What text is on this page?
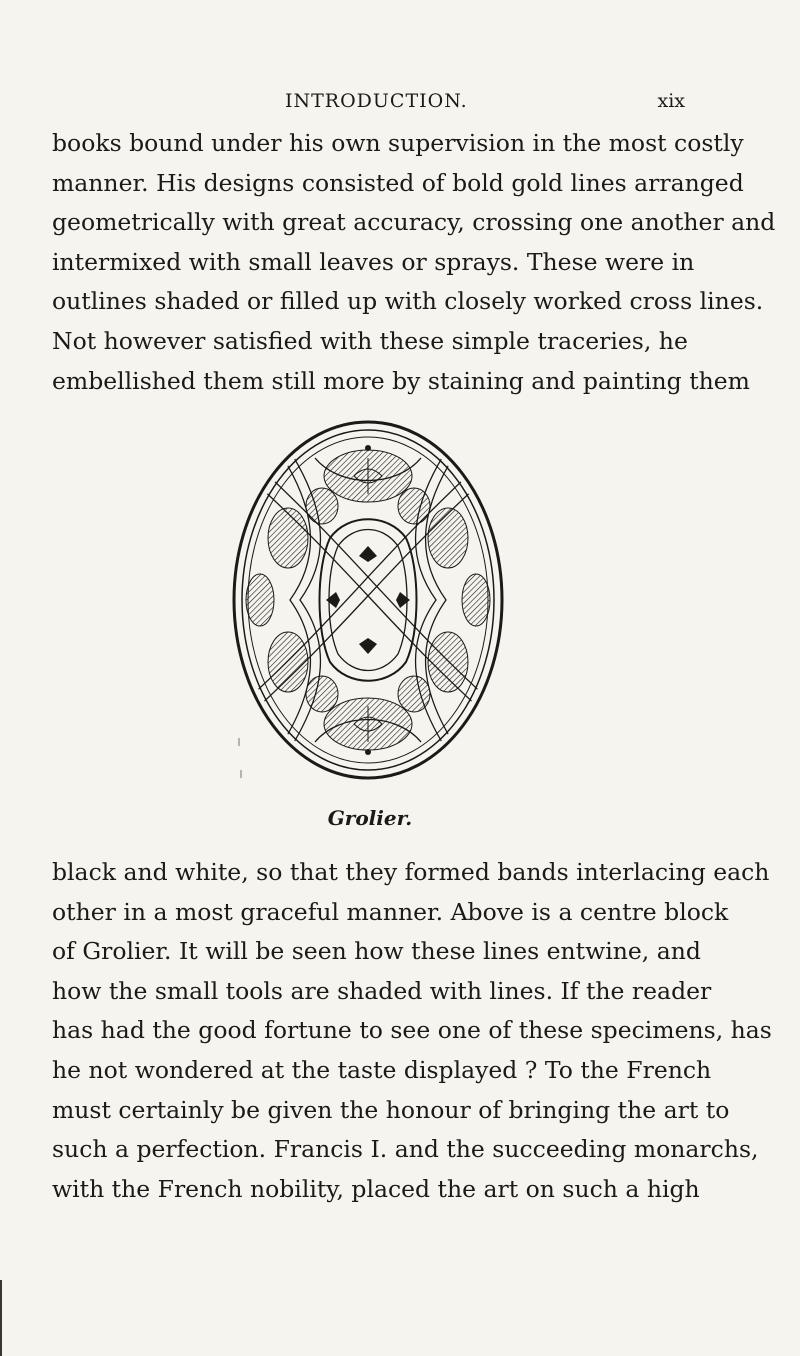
INTRODUCTION.	xix
books bound under his own supervision in the most costly
manner. His designs consisted of bold gold lines arranged
geometrically with great accuracy, crossing one another and
intermixed with small leaves or sprays. These were in
outlines shaded or filled up with closely worked cross lines.
Not however satisfied with these simple traceries, he
embellished them still more by staining and painting them
Grolier.
black and white, so that they formed bands interlacing each
other in a most graceful manner. Above is a centre block
of Grolier. It will be seen how these lines entwine, and
how the small tools are shaded with lines. If the reader
has had the good fortune to see one of these specimens, has
he not wondered at the taste displayed ? To the French
must certainly be given the honour of bringing the art to
such a perfection. Francis I. and the succeeding monarchs,
with the French nobility, placed the art on such a high
